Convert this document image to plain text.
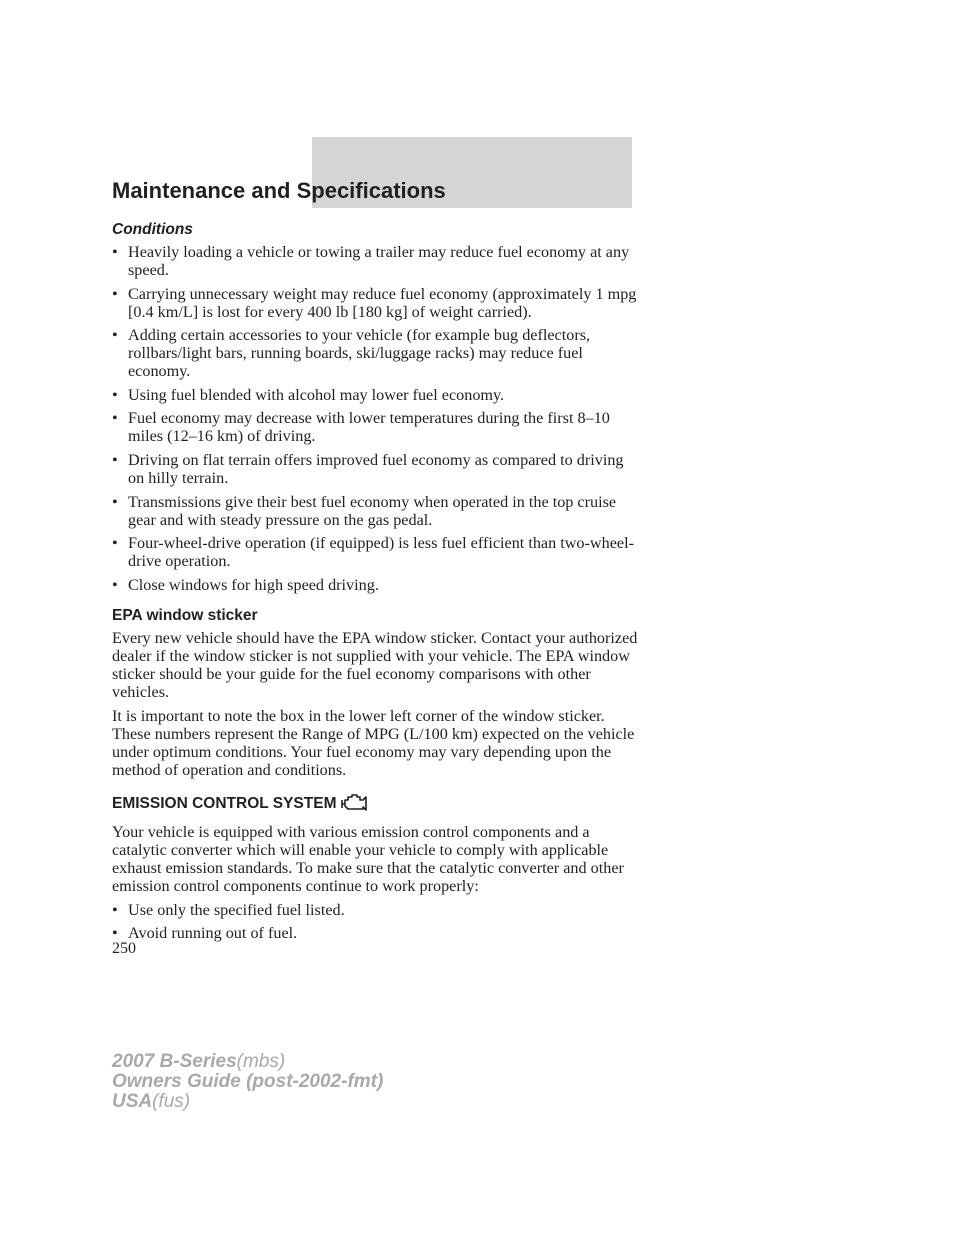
Maintenance and Specifications
Conditions
• Heavily loading a vehicle or towing a trailer may reduce fuel economy at any speed.
• Carrying unnecessary weight may reduce fuel economy (approximately 1 mpg [0.4 km/L] is lost for every 400 lb [180 kg] of weight carried).
• Adding certain accessories to your vehicle (for example bug deflectors, rollbars/light bars, running boards, ski/luggage racks) may reduce fuel economy.
• Using fuel blended with alcohol may lower fuel economy.
• Fuel economy may decrease with lower temperatures during the first 8–10 miles (12–16 km) of driving.
• Driving on flat terrain offers improved fuel economy as compared to driving on hilly terrain.
• Transmissions give their best fuel economy when operated in the top cruise gear and with steady pressure on the gas pedal.
• Four-wheel-drive operation (if equipped) is less fuel efficient than two-wheel-drive operation.
• Close windows for high speed driving.
EPA window sticker

Every new vehicle should have the EPA window sticker. Contact your authorized dealer if the window sticker is not supplied with your vehicle. The EPA window sticker should be your guide for the fuel economy comparisons with other vehicles.

It is important to note the box in the lower left corner of the window sticker. These numbers represent the Range of MPG (L/100 km) expected on the vehicle under optimum conditions. Your fuel economy may vary depending upon the method of operation and conditions.

EMISSION CONTROL SYSTEM

Your vehicle is equipped with various emission control components and a catalytic converter which will enable your vehicle to comply with applicable exhaust emission standards. To make sure that the catalytic converter and other emission control components continue to work properly:

• Use only the specified fuel listed.
• Avoid running out of fuel.
250
2007 B-Series(mbs)
Owners Guide (post-2002-fmt)
USA(fus)
